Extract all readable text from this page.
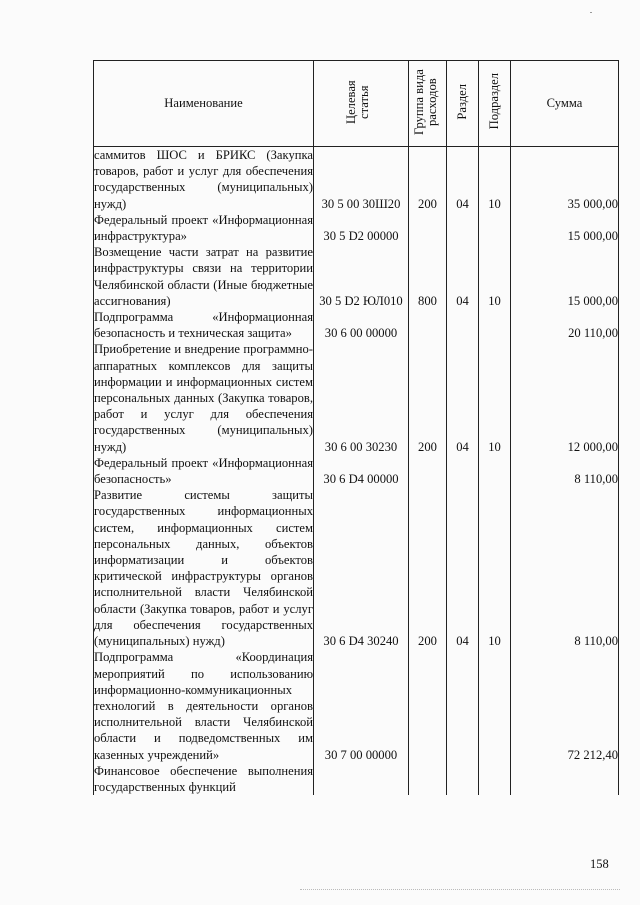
Наименование	Целевая статья	Группа вида расходов	Раздел	Подраздел	Сумма
саммитов ШОС и БРИКС (Закупка товаров, работ и услуг для обеспечения государственных (муниципальных) нужд)	30 5 00 30Ш20	200	04	10	35 000,00
Федеральный проект «Информационная инфраструктура»	30 5 D2 00000				15 000,00
Возмещение части затрат на развитие инфраструктуры связи на территории Челябинской области (Иные бюджетные ассигнования)	30 5 D2 ЮЛ010	800	04	10	15 000,00
Подпрограмма «Информационная безопасность и техническая защита»	30 6 00 00000				20 110,00
Приобретение и внедрение программно-аппаратных комплексов для защиты информации и информационных систем персональных данных (Закупка товаров, работ и услуг для обеспечения государственных (муниципальных) нужд)	30 6 00 30230	200	04	10	12 000,00
Федеральный проект «Информационная безопасность»	30 6 D4 00000				8 110,00
Развитие системы защиты государственных информационных систем, информационных систем персональных данных, объектов информатизации и объектов критической инфраструктуры органов исполнительной власти Челябинской области (Закупка товаров, работ и услуг для обеспечения государственных (муниципальных) нужд)	30 6 D4 30240	200	04	10	8 110,00
Подпрограмма «Координация мероприятий по использованию информационно-коммуникационных технологий в деятельности органов исполнительной власти Челябинской области и подведомственных им казенных учреждений»	30 7 00 00000				72 212,40
Финансовое обеспечение выполнения государственных функций					
158
